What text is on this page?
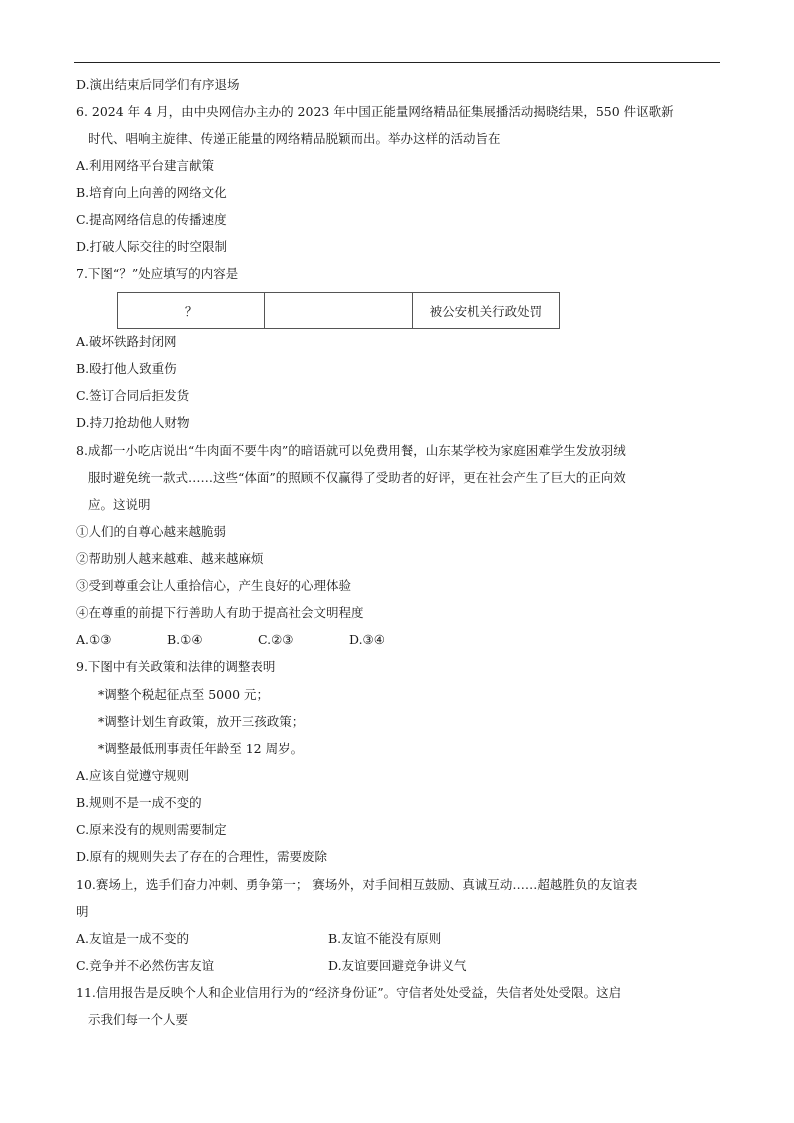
D.演出结束后同学们有序退场
6. 2024 年 4 月，由中央网信办主办的 2023 年中国正能量网络精品征集展播活动揭晓结果，550 件讴歌新
时代、唱响主旋律、传递正能量的网络精品脱颖而出。举办这样的活动旨在
A.利用网络平台建言献策
B.培育向上向善的网络文化
C.提高网络信息的传播速度
D.打破人际交往的时空限制
7.下图“？”处应填写的内容是
？		被公安机关行政处罚
A.破坏铁路封闭网
B.殴打他人致重伤
C.签订合同后拒发货
D.持刀抢劫他人财物
8.成都一小吃店说出“牛肉面不要牛肉”的暗语就可以免费用餐，山东某学校为家庭困难学生发放羽绒
服时避免统一款式……这些“体面”的照顾不仅赢得了受助者的好评，更在社会产生了巨大的正向效
应。这说明
①人们的自尊心越来越脆弱
②帮助别人越来越难、越来越麻烦
③受到尊重会让人重拾信心，产生良好的心理体验
④在尊重的前提下行善助人有助于提高社会文明程度
A.①③	B.①④	C.②③	D.③④
9.下图中有关政策和法律的调整表明
*调整个税起征点至 5000 元；
*调整计划生育政策，放开三孩政策；
*调整最低刑事责任年龄至 12 周岁。
A.应该自觉遵守规则
B.规则不是一成不变的
C.原来没有的规则需要制定
D.原有的规则失去了存在的合理性，需要废除
10.赛场上，选手们奋力冲刺、勇争第一； 赛场外，对手间相互鼓励、真诚互动……超越胜负的友谊表
明
A.友谊是一成不变的	B.友谊不能没有原则
C.竞争并不必然伤害友谊	D.友谊要回避竞争讲义气
11.信用报告是反映个人和企业信用行为的“经济身份证”。守信者处处受益，失信者处处受限。这启
示我们每一个人要
